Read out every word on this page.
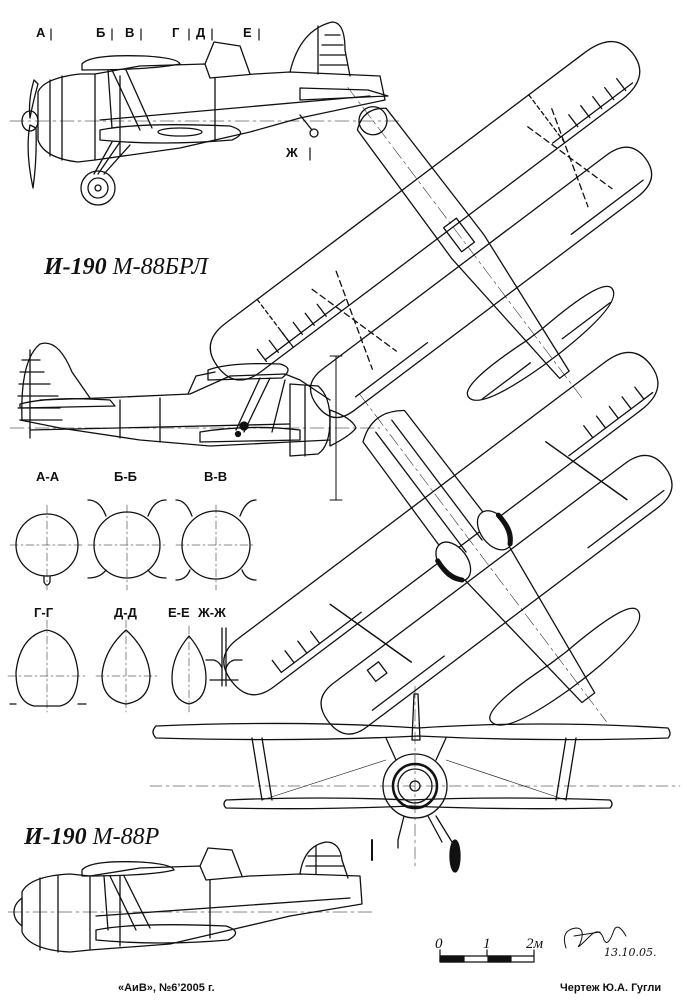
А	Б В	Г Д	Е
Ж
И-190 М-88БРЛ
И-190 М-88Р
А-А	Б-Б	В-В
Г-Г	Д-Д Е-Е Ж-Ж
0	1 2м
13.10.05.
«АиВ», №6’2005 г.	Чертеж Ю.А. Гугли
